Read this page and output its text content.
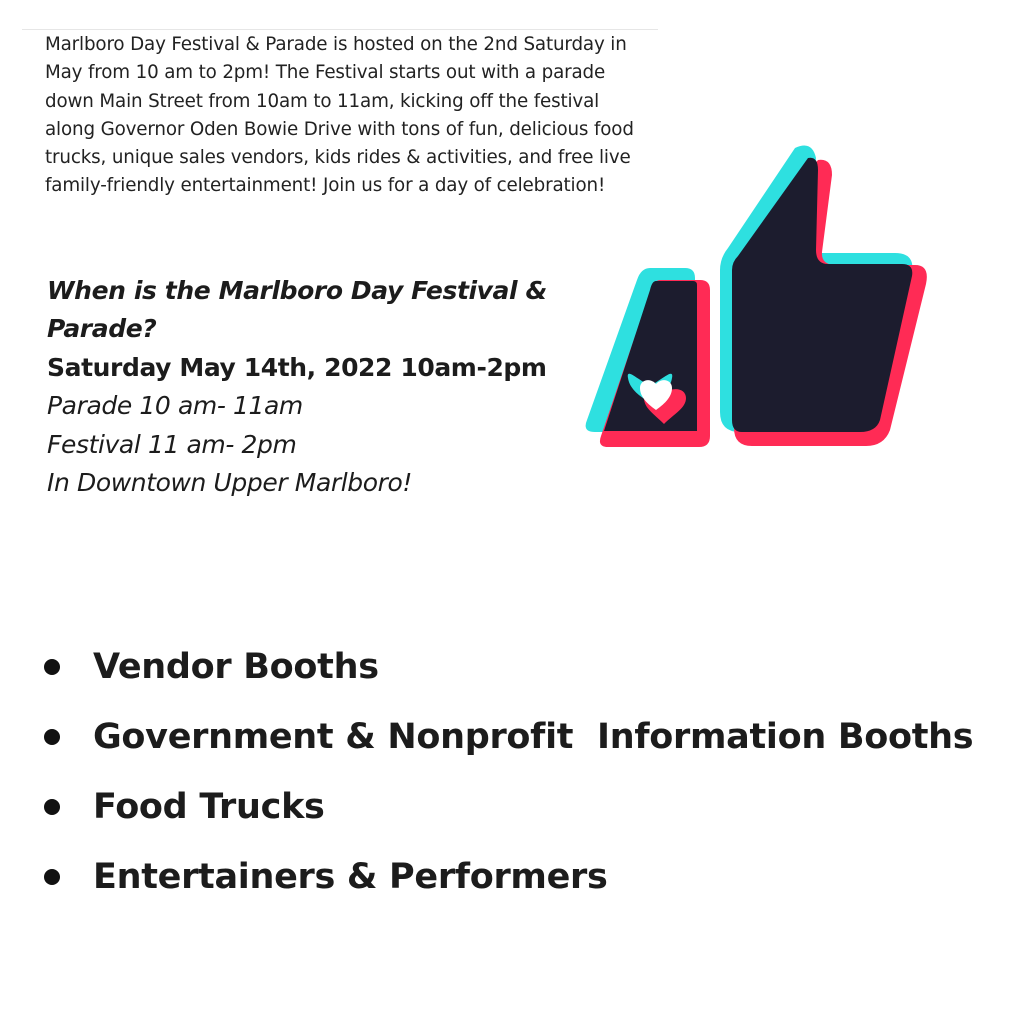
Marlboro Day Festival & Parade is hosted on the 2nd Saturday in May from 10 am to 2pm! The Festival starts out with a parade down Main Street from 10am to 11am, kicking off the festival along Governor Oden Bowie Drive with tons of fun, delicious food trucks, unique sales vendors, kids rides & activities, and free live family-friendly entertainment! Join us for a day of celebration!

When is the Marlboro Day Festival & Parade?

Saturday May 14th, 2022 10am-2pm

Parade 10 am- 11am

Festival 11 am- 2pm

In Downtown Upper Marlboro!

Vendor Booths
Government & Nonprofit  Information Booths
Food Trucks
Entertainers & Performers
